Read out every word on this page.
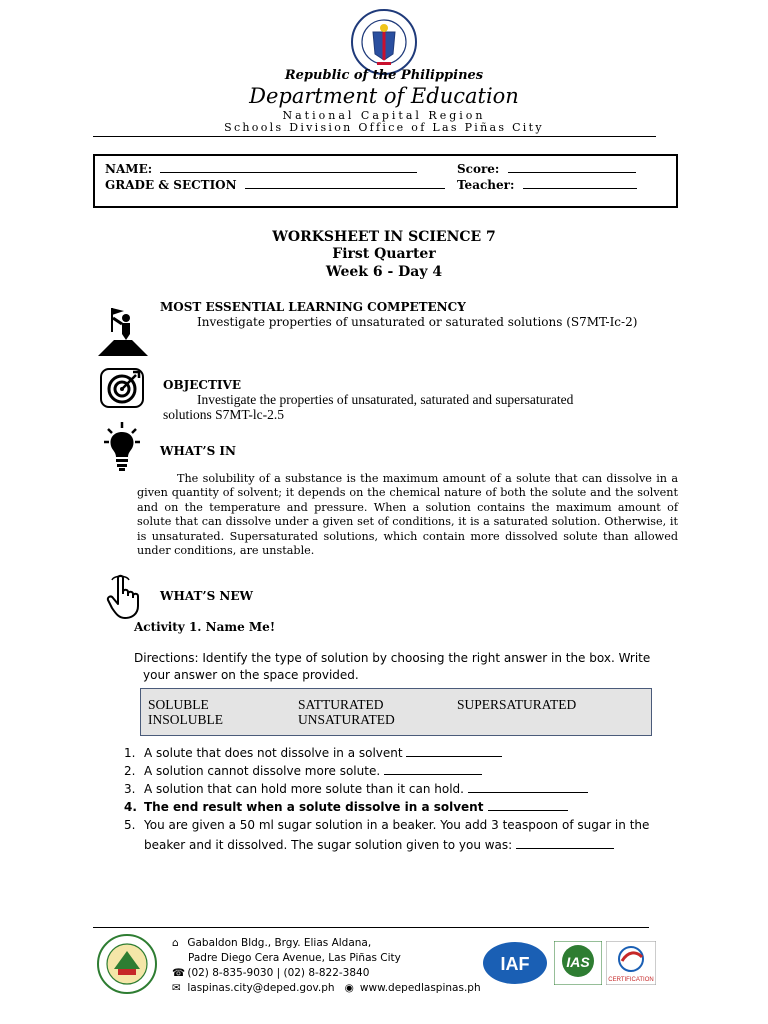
Republic of the Philippines
Department of Education
National Capital Region
Schools Division Office of Las Piñas City
NAME:
GRADE & SECTION
Score:
Teacher:
WORKSHEET IN SCIENCE 7
First Quarter
Week 6 - Day 4
MOST ESSENTIAL LEARNING COMPETENCY
Investigate properties of unsaturated or saturated solutions (S7MT-Ic-2)
OBJECTIVE
Investigate the properties of unsaturated, saturated and supersaturated
solutions S7MT-lc-2.5
WHAT’S IN
The solubility of a substance is the maximum amount of a solute that can dissolve in a given quantity of solvent; it depends on the chemical nature of both the solute and the solvent and on the temperature and pressure. When a solution contains the maximum amount of solute that can dissolve under a given set of conditions, it is a saturated solution. Otherwise, it is unsaturated. Supersaturated solutions, which contain more dissolved solute than allowed under conditions, are unstable.
WHAT’S NEW
Activity 1. Name Me!
Directions: Identify the type of solution by choosing the right answer in the box. Write
your answer on the space provided.
SOLUBLE
INSOLUBLE
SATTURATED
UNSATURATED
SUPERSATURATED
1. A solute that does not dissolve in a solvent
2. A solution cannot dissolve more solute.
3. A solution that can hold more solute than it can hold.
4. The end result when a solute dissolve in a solvent
5. You are given a 50 ml sugar solution in a beaker. You add 3 teaspoon of sugar in the
beaker and it dissolved. The sugar solution given to you was:
⌂ Gabaldon Bldg., Brgy. Elias Aldana,
Padre Diego Cera Avenue, Las Piñas City
☎ (02) 8-835-9030 | (02) 8-822-3840
✉ laspinas.city@deped.gov.ph ◉ www.depedlaspinas.ph
IAF	IAS
CERTIFICATION
